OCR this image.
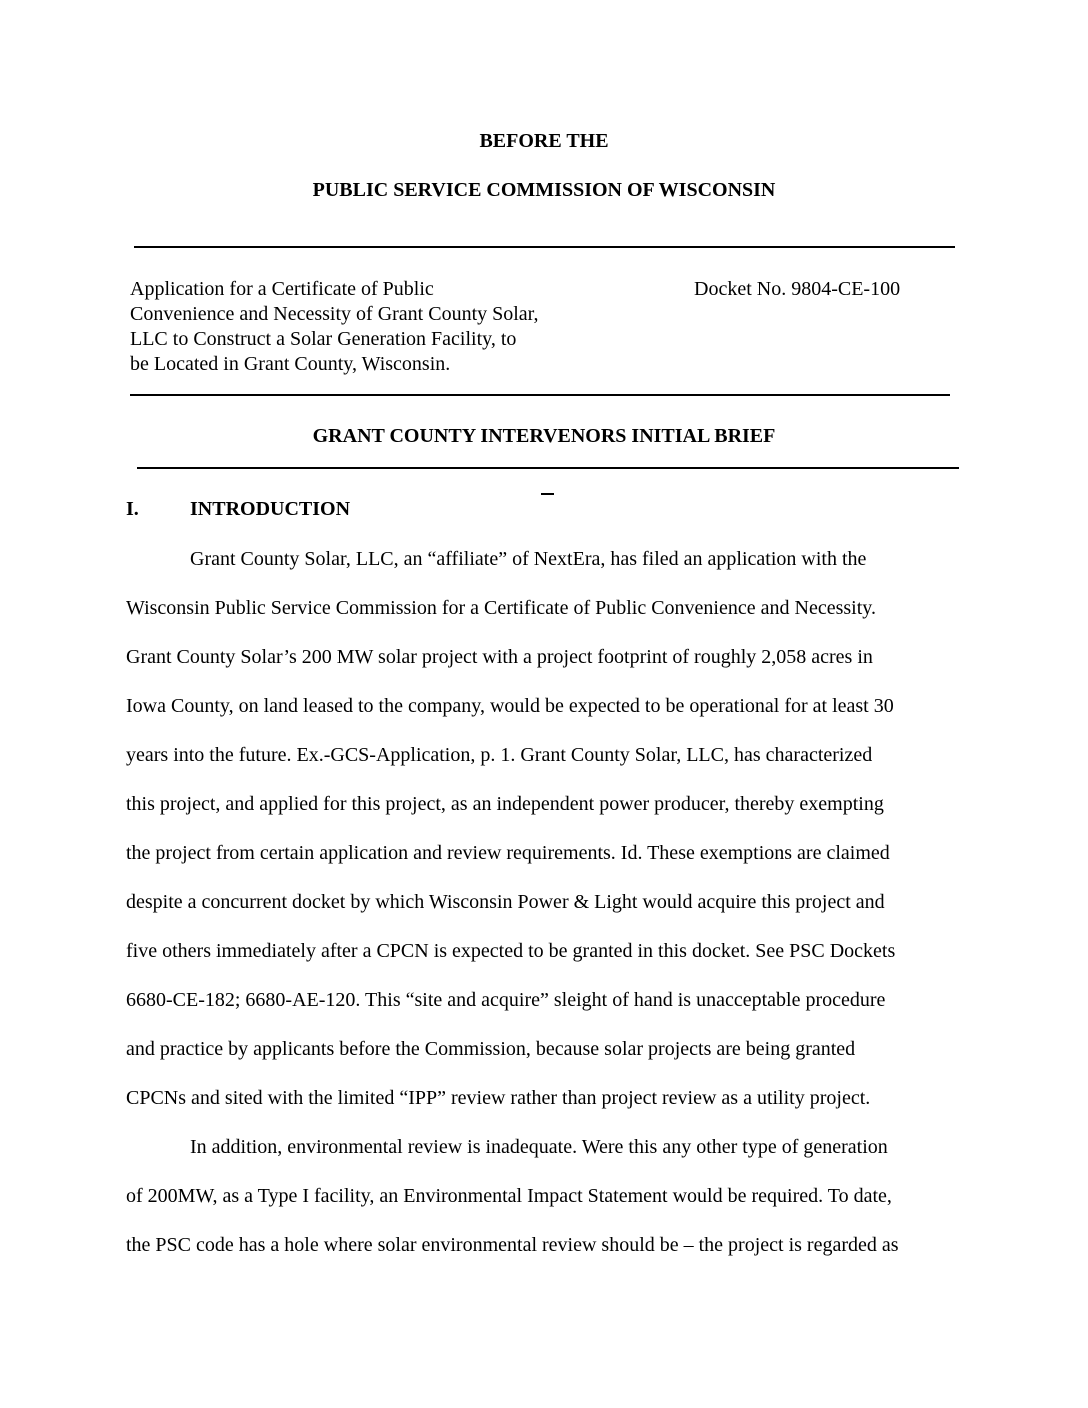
BEFORE THE
PUBLIC SERVICE COMMISSION OF WISCONSIN
Application for a Certificate of Public
Convenience and Necessity of Grant County Solar,
LLC to Construct a Solar Generation Facility, to
be Located in Grant County, Wisconsin.
Docket No. 9804-CE-100
GRANT COUNTY INTERVENORS INITIAL BRIEF
I.	INTRODUCTION
Grant County Solar, LLC, an “affiliate” of NextEra, has filed an application with the
Wisconsin Public Service Commission for a Certificate of Public Convenience and Necessity.
Grant County Solar’s 200 MW solar project with a project footprint of roughly 2,058 acres in
Iowa County, on land leased to the company, would be expected to be operational for at least 30
years into the future. Ex.-GCS-Application, p. 1. Grant County Solar, LLC, has characterized
this project, and applied for this project, as an independent power producer, thereby exempting
the project from certain application and review requirements. Id. These exemptions are claimed
despite a concurrent docket by which Wisconsin Power & Light would acquire this project and
five others immediately after a CPCN is expected to be granted in this docket. See PSC Dockets
6680-CE-182; 6680-AE-120. This “site and acquire” sleight of hand is unacceptable procedure
and practice by applicants before the Commission, because solar projects are being granted
CPCNs and sited with the limited “IPP” review rather than project review as a utility project.
In addition, environmental review is inadequate. Were this any other type of generation
of 200MW, as a Type I facility, an Environmental Impact Statement would be required. To date,
the PSC code has a hole where solar environmental review should be – the project is regarded as
